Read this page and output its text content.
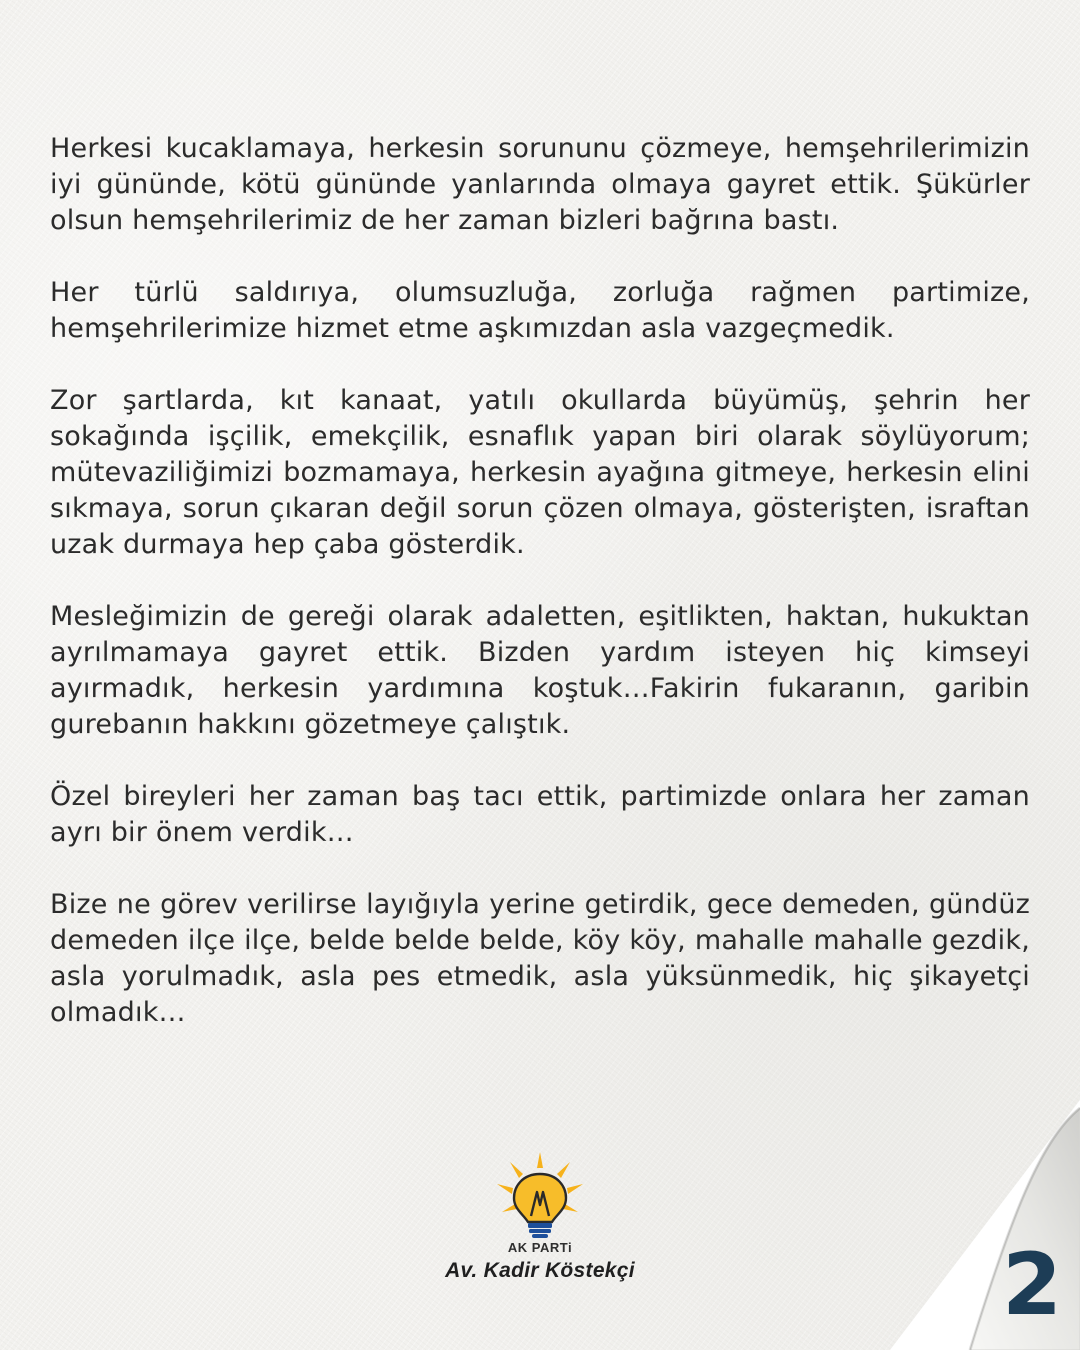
Herkesi kucaklamaya, herkesin sorununu çözmeye, hemşehrilerimizin iyi gününde, kötü gününde yanlarında olmaya gayret ettik. Şükürler olsun hemşehrilerimiz de her zaman bizleri bağrına bastı.

Her türlü saldırıya, olumsuzluğa, zorluğa rağmen partimize, hemşehrilerimize hizmet etme aşkımızdan asla vazgeçmedik.

Zor şartlarda, kıt kanaat, yatılı okullarda büyümüş, şehrin her sokağında işçilik, emekçilik, esnaflık yapan biri olarak söylüyorum; mütevaziliğimizi bozmamaya, herkesin ayağına gitmeye, herkesin elini sıkmaya, sorun çıkaran değil sorun çözen olmaya, gösterişten, israftan uzak durmaya hep çaba gösterdik.

Mesleğimizin de gereği olarak adaletten, eşitlikten, haktan, hukuktan ayrılmamaya gayret ettik. Bizden yardım isteyen hiç kimseyi ayırmadık, herkesin yardımına koştuk…Fakirin fukaranın, garibin gurebanın hakkını gözetmeye çalıştık.

Özel bireyleri her zaman baş tacı ettik, partimizde onlara her zaman ayrı bir önem verdik…

Bize ne görev verilirse layığıyla yerine getirdik, gece demeden, gündüz demeden ilçe ilçe, belde belde belde, köy köy, mahalle mahalle gezdik, asla yorulmadık, asla pes etmedik, asla yüksünmedik, hiç şikayetçi olmadık…

AK PARTi
Av. Kadir Köstekçi	2
